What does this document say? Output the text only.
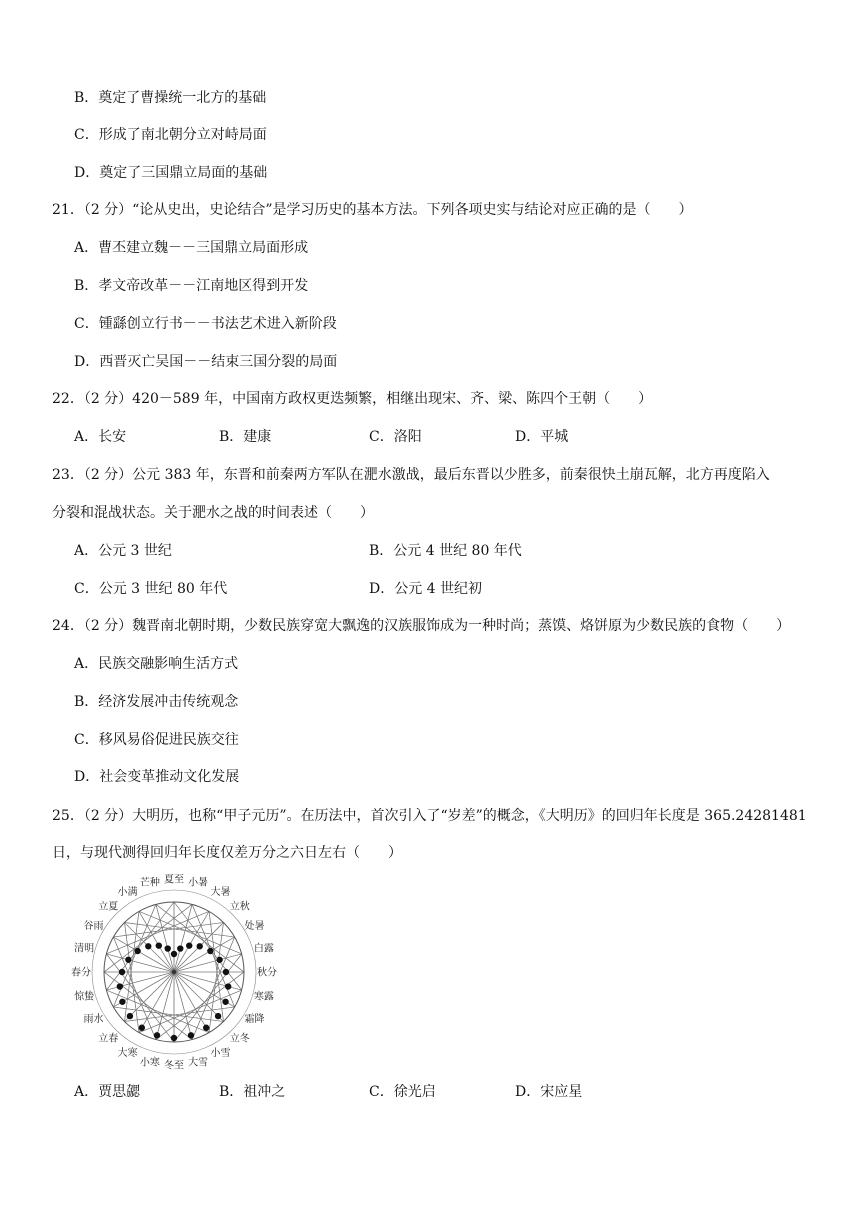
B．奠定了曹操统一北方的基础
C．形成了南北朝分立对峙局面
D．奠定了三国鼎立局面的基础
21．（2 分）“论从史出，史论结合”是学习历史的基本方法。下列各项史实与结论对应正确的是（　　）
A．曹丕建立魏－－三国鼎立局面形成
B．孝文帝改革－－江南地区得到开发
C．锺繇创立行书－－书法艺术进入新阶段
D．西晋灭亡吴国－－结束三国分裂的局面
22．（2 分）420－589 年，中国南方政权更迭频繁，相继出现宋、齐、梁、陈四个王朝（　　）
A．长安	B．建康	C．洛阳	D．平城
23．（2 分）公元 383 年，东晋和前秦两方军队在淝水激战，最后东晋以少胜多，前秦很快土崩瓦解，北方再度陷入
分裂和混战状态。关于淝水之战的时间表述（　　）
A．公元 3 世纪	B．公元 4 世纪 80 年代
C．公元 3 世纪 80 年代	D．公元 4 世纪初
24．（2 分）魏晋南北朝时期，少数民族穿宽大飘逸的汉族服饰成为一种时尚；蒸馍、烙饼原为少数民族的食物（　　）
A．民族交融影响生活方式
B．经济发展冲击传统观念
C．移风易俗促进民族交往
D．社会变革推动文化发展
25．（2 分）大明历，也称“甲子元历”。在历法中，首次引入了“岁差”的概念，《大明历》的回归年长度是 365.24281481
日，与现代测得回归年长度仅差万分之六日左右（　　）
夏至 小暑
大暑
立秋
处暑
白露
秋分
寒露
霜降
立冬
小雪
大雪
冬至
小寒
大寒
立春
雨水
惊蛰
春分
清明
谷雨
立夏
小满
芒种
A．贾思勰	B．祖冲之	C．徐光启	D．宋应星
